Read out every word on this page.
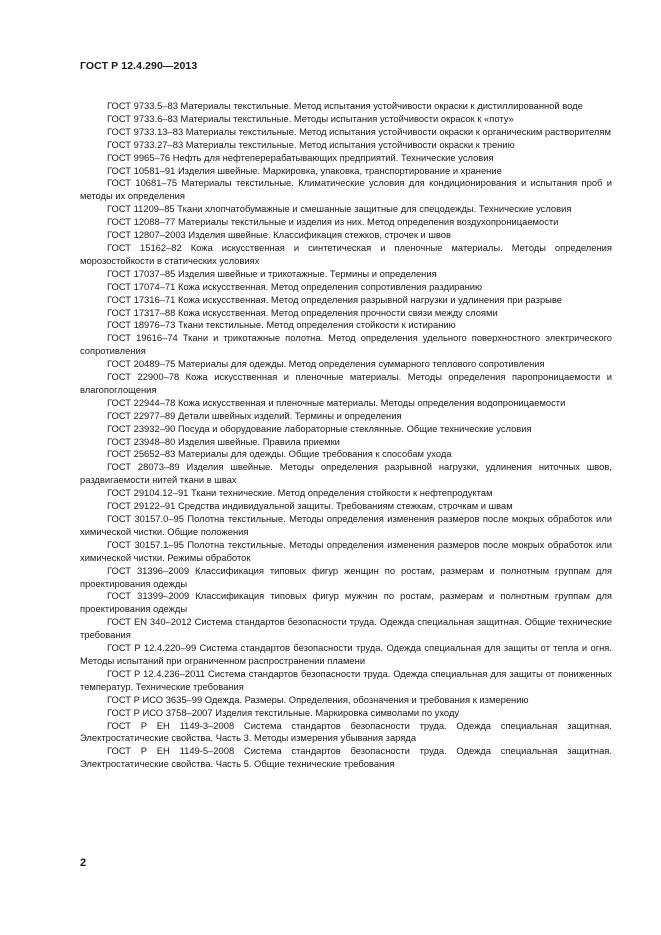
ГОСТ Р 12.4.290—2013

ГОСТ 9733.5–83 Материалы текстильные. Метод испытания устойчивости окраски к дистиллированной воде

ГОСТ 9733.6–83 Материалы текстильные. Методы испытания устойчивости окрасок к «поту»

ГОСТ 9733.13–83 Материалы текстильные. Метод испытания устойчивости окраски к органическим растворителям

ГОСТ 9733.27–83 Материалы текстильные. Метод испытания устойчивости окраски к трению

ГОСТ 9965–76 Нефть для нефтеперерабатывающих предприятий. Технические условия

ГОСТ 10581–91 Изделия швейные. Маркировка, упаковка, транспортирование и хранение

ГОСТ 10681–75 Материалы текстильные. Климатические условия для кондиционирования и испытания проб и методы их определения

ГОСТ 11209–85 Ткани хлопчатобумажные и смешанные защитные для спецодежды. Технические условия

ГОСТ 12088–77 Материалы текстильные и изделия из них. Метод определения воздухопроницаемости

ГОСТ 12807–2003 Изделия швейные. Классификация стежков, строчек и швов

ГОСТ 15162–82 Кожа искусственная и синтетическая и пленочные материалы. Методы определения морозостойкости в статических условиях

ГОСТ 17037–85 Изделия швейные и трикотажные. Термины и определения

ГОСТ 17074–71 Кожа искусственная. Метод определения сопротивления раздиранию

ГОСТ 17316–71 Кожа искусственная. Метод определения разрывной нагрузки и удлинения при разрыве

ГОСТ 17317–88 Кожа искусственная. Метод определения прочности связи между слоями

ГОСТ 18976–73 Ткани текстильные. Метод определения стойкости к истиранию

ГОСТ 19616–74 Ткани и трикотажные полотна. Метод определения удельного поверхностного электрического сопротивления

ГОСТ 20489–75 Материалы для одежды. Метод определения суммарного теплового сопротивления

ГОСТ 22900–78 Кожа искусственная и пленочные материалы. Методы определения паропроницаемости и влагопоглощения

ГОСТ 22944–78 Кожа искусственная и пленочные материалы. Методы определения водопроницаемости

ГОСТ 22977–89 Детали швейных изделий. Термины и определения

ГОСТ 23932–90 Посуда и оборудование лабораторные стеклянные. Общие технические условия

ГОСТ 23948–80 Изделия швейные. Правила приемки

ГОСТ 25652–83 Материалы для одежды. Общие требования к способам ухода

ГОСТ 28073–89 Изделия швейные. Методы определения разрывной нагрузки, удлинения ниточных швов, раздвигаемости нитей ткани в швах

ГОСТ 29104.12–91 Ткани технические. Метод определения стойкости к нефтепродуктам

ГОСТ 29122–91 Средства индивидуальной защиты. Требованиям стежкам, строчкам и швам

ГОСТ 30157.0–95 Полотна текстильные. Методы определения изменения размеров после мокрых обработок или химической чистки. Общие положения

ГОСТ 30157.1–95 Полотна текстильные. Методы определения изменения размеров после мокрых обработок или химической чистки. Режимы обработок

ГОСТ 31396–2009 Классификация типовых фигур женщин по ростам, размерам и полнотным группам для проектирования одежды

ГОСТ 31399–2009 Классификация типовых фигур мужчин по ростам, размерам и полнотным группам для проектирования одежды

ГОСТ EN 340–2012 Система стандартов безопасности труда. Одежда специальная защитная. Общие технические требования

ГОСТ Р 12.4.220–99 Система стандартов безопасности труда. Одежда специальная для защиты от тепла и огня. Методы испытаний при ограниченном распространении пламени

ГОСТ Р 12.4.236–2011 Система стандартов безопасности труда. Одежда специальная для защиты от пониженных температур. Технические требования

ГОСТ Р ИСО 3635–99 Одежда. Размеры. Определения, обозначения и требования к измерению

ГОСТ Р ИСО 3758–2007 Изделия текстильные. Маркировка символами по уходу

ГОСТ Р ЕН 1149-3–2008 Система стандартов безопасности труда. Одежда специальная защитная. Электростатические свойства. Часть 3. Методы измерения убывания заряда

ГОСТ Р ЕН 1149-5–2008 Система стандартов безопасности труда. Одежда специальная защитная. Электростатические свойства. Часть 5. Общие технические требования

2
